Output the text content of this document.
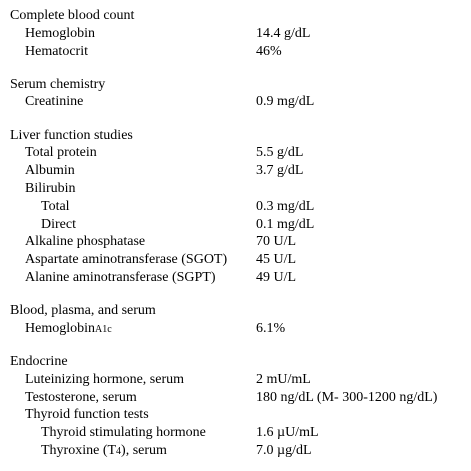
Complete blood count
Hemoglobin	14.4 g/dL
Hematocrit	46%
Serum chemistry
Creatinine	0.9 mg/dL
Liver function studies
Total protein	5.5 g/dL
Albumin	3.7 g/dL
Bilirubin
Total	0.3 mg/dL
Direct	0.1 mg/dL
Alkaline phosphatase	70 U/L
Aspartate aminotransferase (SGOT) 45 U/L
Alanine aminotransferase (SGPT)	49 U/L
Blood, plasma, and serum
HemoglobinA1c	6.1%
Endocrine
Luteinizing hormone, serum	2 mU/mL
Testosterone, serum	180 ng/dL (M- 300-1200 ng/dL)
Thyroid function tests
Thyroid stimulating hormone	1.6 µU/mL
Thyroxine (T4), serum	7.0 µg/dL
